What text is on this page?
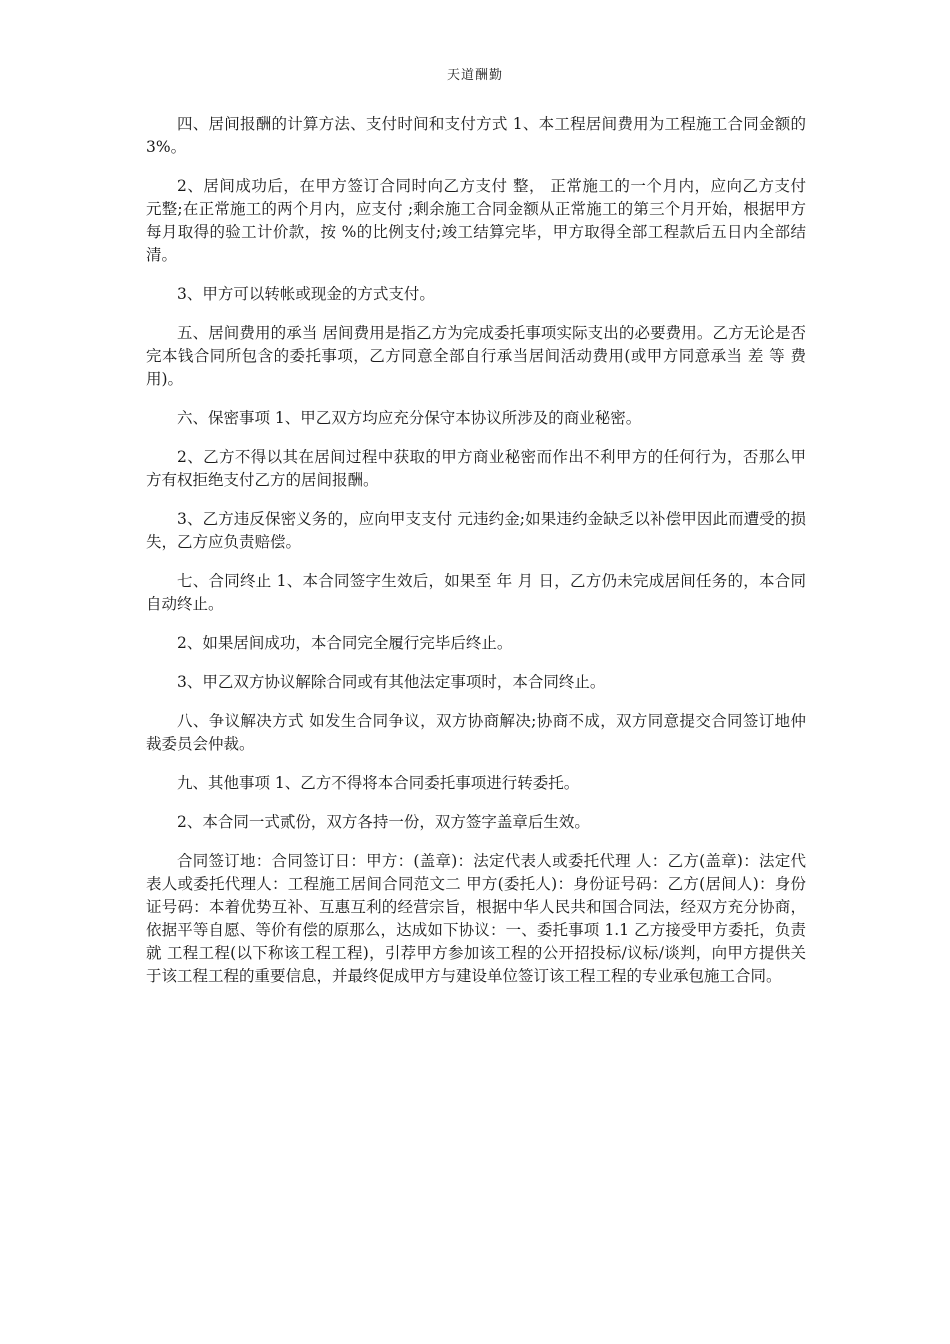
天道酬勤

四、居间报酬的计算方法、支付时间和支付方式 1、本工程居间费用为工程施工合同金额的3%。

2、居间成功后，在甲方签订合同时向乙方支付 整， 正常施工的一个月内，应向乙方支付 元整;在正常施工的两个月内，应支付 ;剩余施工合同金额从正常施工的第三个月开始，根据甲方每月取得的验工计价款，按 %的比例支付;竣工结算完毕，甲方取得全部工程款后五日内全部结清。

3、甲方可以转帐或现金的方式支付。

五、居间费用的承当 居间费用是指乙方为完成委托事项实际支出的必要费用。乙方无论是否完本钱合同所包含的委托事项，乙方同意全部自行承当居间活动费用(或甲方同意承当 差 等 费用)。

六、保密事项 1、甲乙双方均应充分保守本协议所涉及的商业秘密。

2、乙方不得以其在居间过程中获取的甲方商业秘密而作出不利甲方的任何行为，否那么甲方有权拒绝支付乙方的居间报酬。

3、乙方违反保密义务的，应向甲支支付 元违约金;如果违约金缺乏以补偿甲因此而遭受的损失，乙方应负责赔偿。

七、合同终止 1、本合同签字生效后，如果至 年 月 日，乙方仍未完成居间任务的，本合同自动终止。

2、如果居间成功，本合同完全履行完毕后终止。

3、甲乙双方协议解除合同或有其他法定事项时，本合同终止。

八、争议解决方式 如发生合同争议，双方协商解决;协商不成，双方同意提交合同签订地仲裁委员会仲裁。

九、其他事项 1、乙方不得将本合同委托事项进行转委托。

2、本合同一式贰份，双方各持一份，双方签字盖章后生效。

合同签订地：合同签订日：甲方：(盖章)：法定代表人或委托代理 人：乙方(盖章)：法定代表人或委托代理人：工程施工居间合同范文二 甲方(委托人)：身份证号码：乙方(居间人)：身份证号码：本着优势互补、互惠互利的经营宗旨，根据中华人民共和国合同法，经双方充分协商，依据平等自愿、等价有偿的原那么，达成如下协议：一、委托事项 1.1 乙方接受甲方委托，负责就 工程工程(以下称该工程工程)，引荐甲方参加该工程的公开招投标/议标/谈判，向甲方提供关于该工程工程的重要信息，并最终促成甲方与建设单位签订该工程工程的专业承包施工合同。
